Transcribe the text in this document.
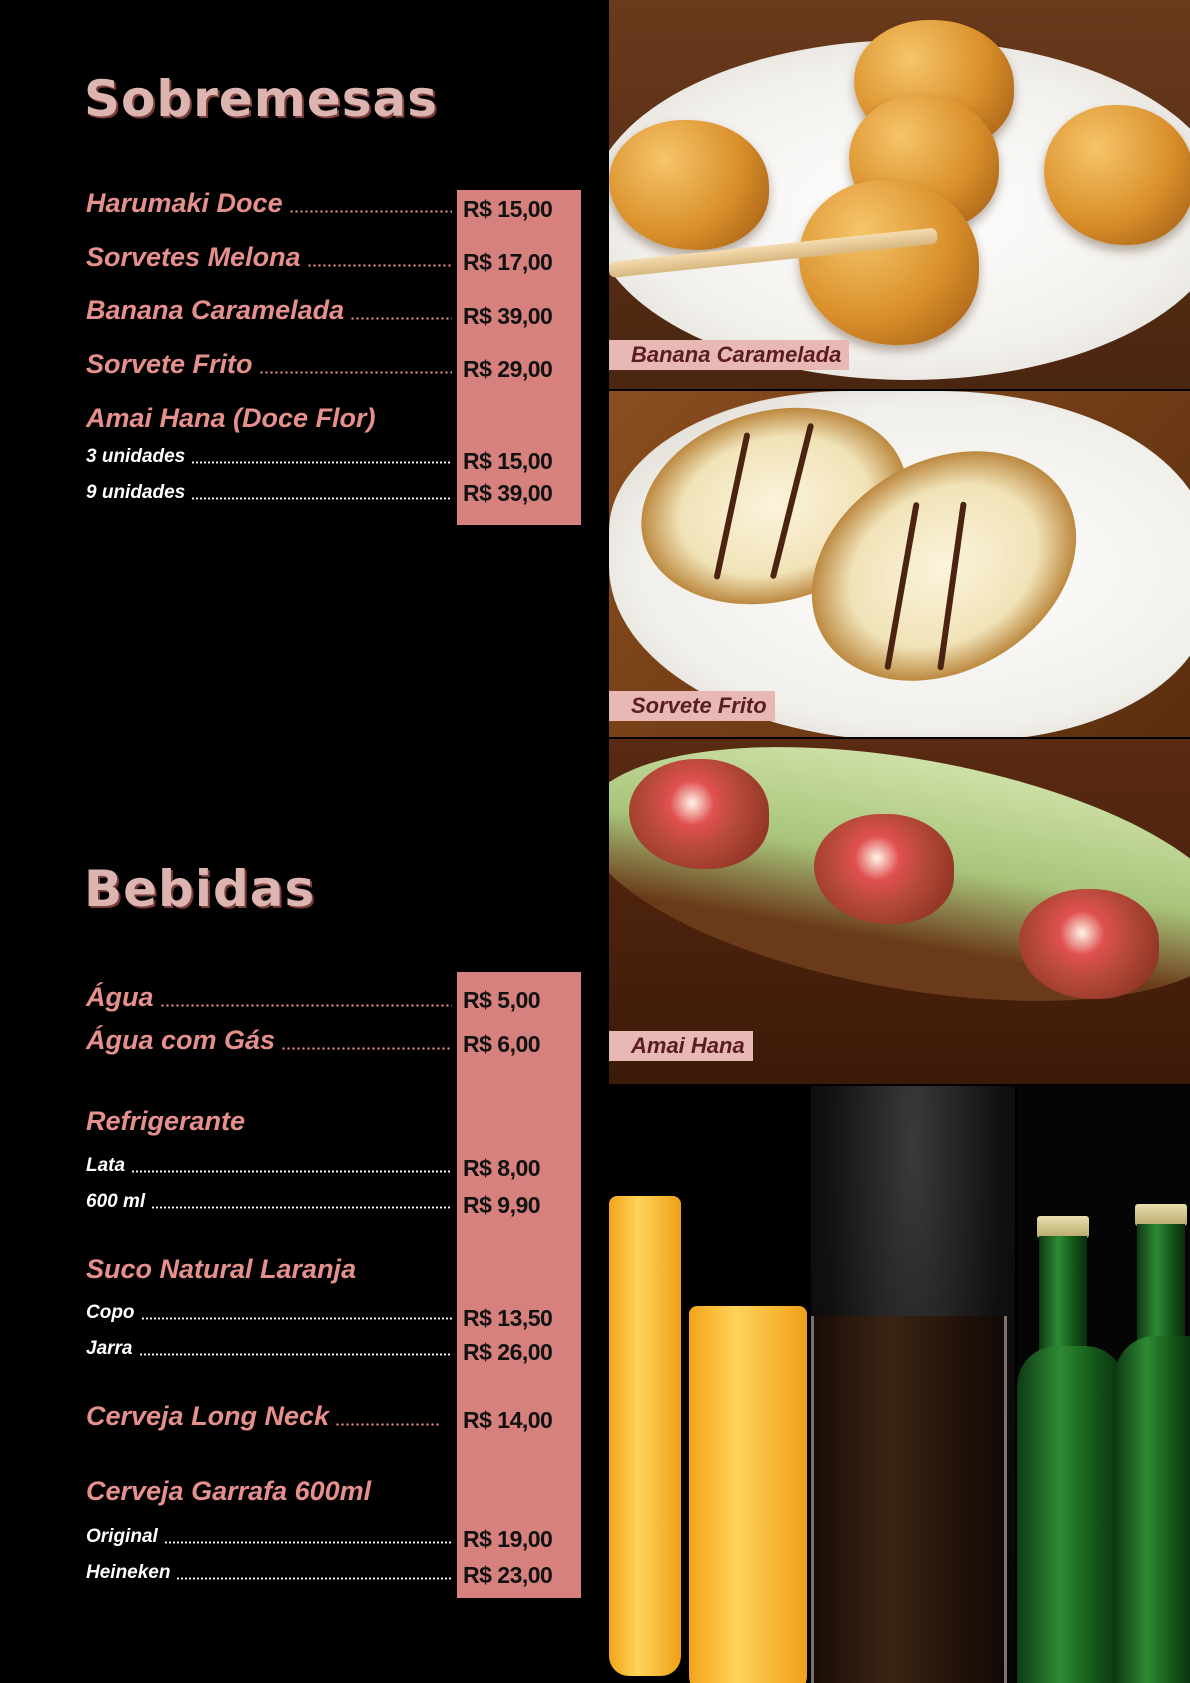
Sobremesas
Harumaki Doce	R$ 15,00
Sorvetes Melona	R$ 17,00
Banana Caramelada	R$ 39,00
Sorvete Frito	R$ 29,00
Amai Hana (Doce Flor)
3 unidades	R$ 15,00
9 unidades	R$ 39,00
Bebidas
Água	R$ 5,00
Água com Gás	R$ 6,00
Refrigerante
Lata	R$ 8,00
600 ml	R$ 9,90
Suco Natural Laranja
Copo	R$ 13,50
Jarra	R$ 26,00
Cerveja Long Neck	R$ 14,00
Cerveja Garrafa 600ml
Original	R$ 19,00
Heineken	R$ 23,00
Banana Caramelada
Sorvete Frito
Amai Hana
